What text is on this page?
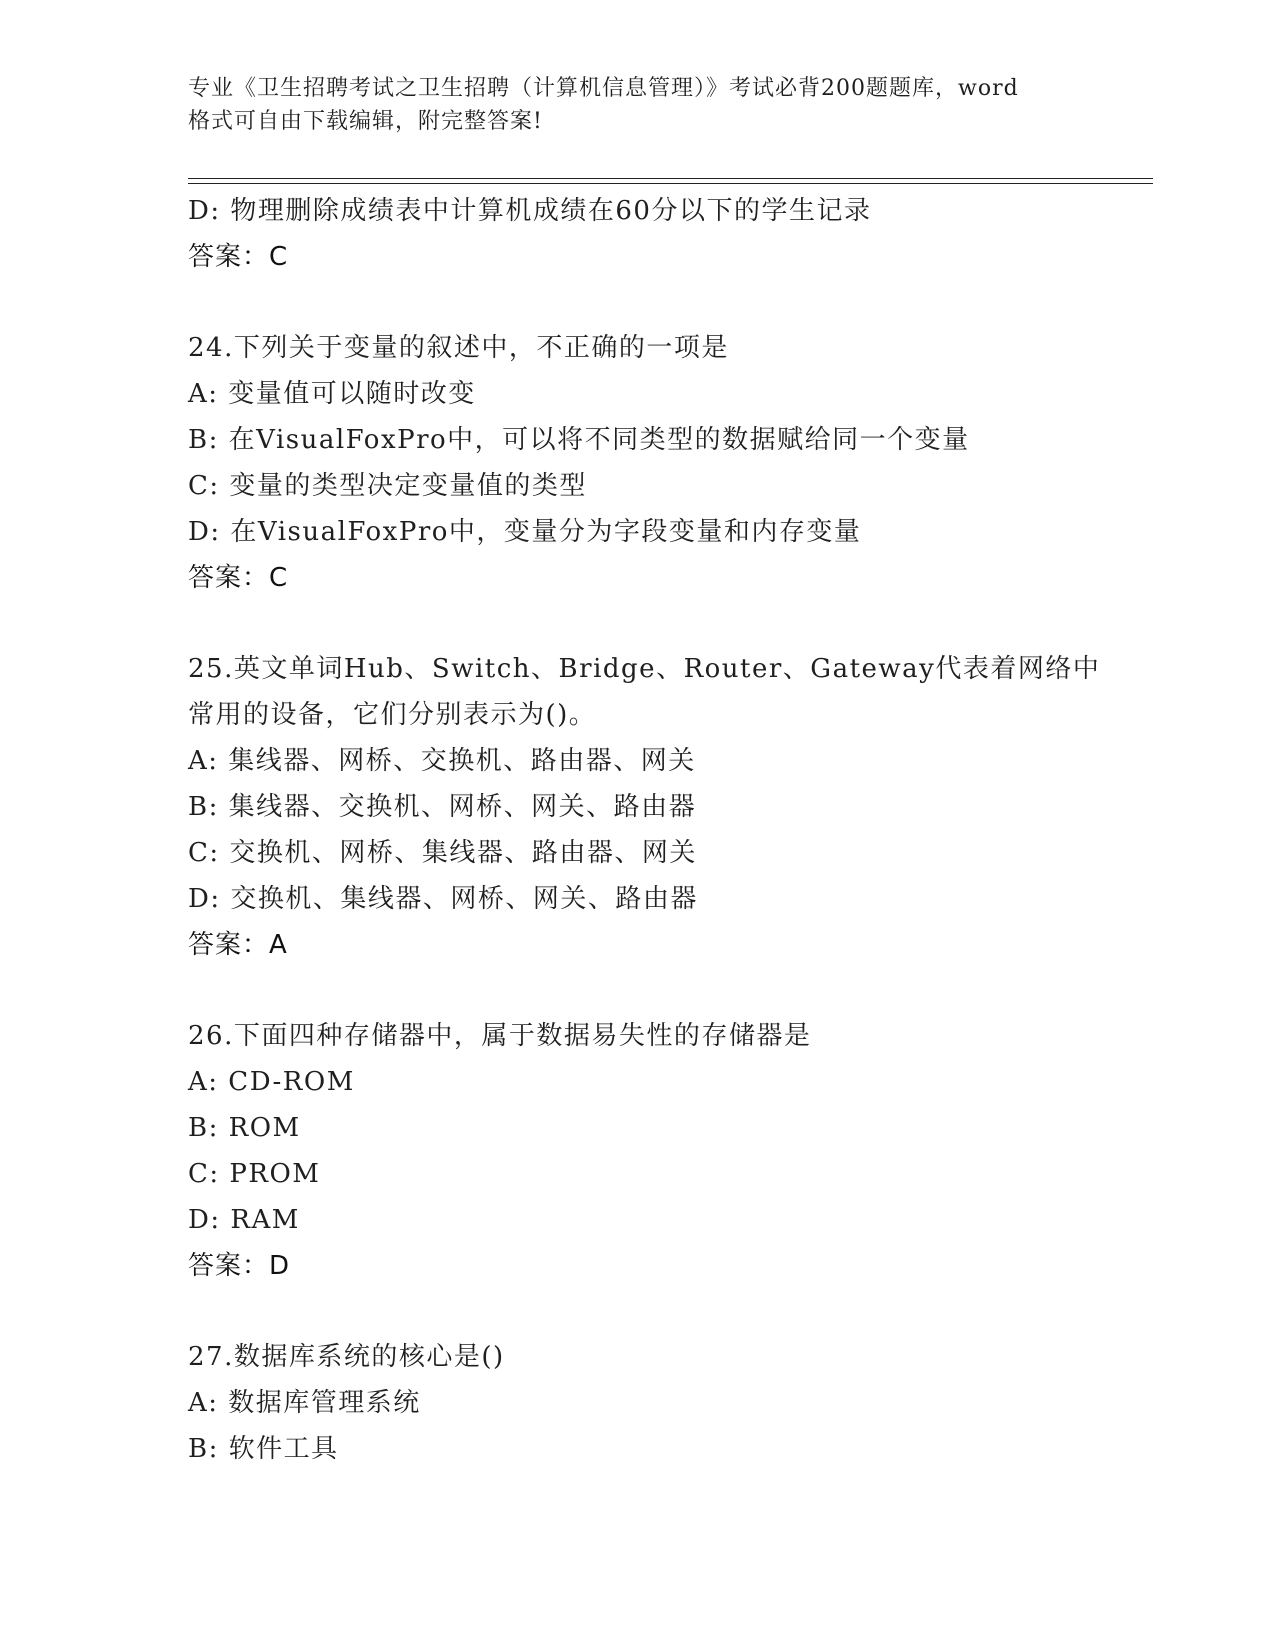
专业《卫生招聘考试之卫生招聘（计算机信息管理）》考试必背200题题库，word
格式可自由下载编辑，附完整答案!
D: 物理删除成绩表中计算机成绩在60分以下的学生记录
答案：C
24.下列关于变量的叙述中，不正确的一项是
A: 变量值可以随时改变
B: 在VisualFoxPro中，可以将不同类型的数据赋给同一个变量
C: 变量的类型决定变量值的类型
D: 在VisualFoxPro中，变量分为字段变量和内存变量
答案：C
25.英文单词Hub、Switch、Bridge、Router、Gateway代表着网络中
常用的设备，它们分别表示为()。
A: 集线器、网桥、交换机、路由器、网关
B: 集线器、交换机、网桥、网关、路由器
C: 交换机、网桥、集线器、路由器、网关
D: 交换机、集线器、网桥、网关、路由器
答案：A
26.下面四种存储器中，属于数据易失性的存储器是
A: CD-ROM
B: ROM
C: PROM
D: RAM
答案：D
27.数据库系统的核心是()
A: 数据库管理系统
B: 软件工具
